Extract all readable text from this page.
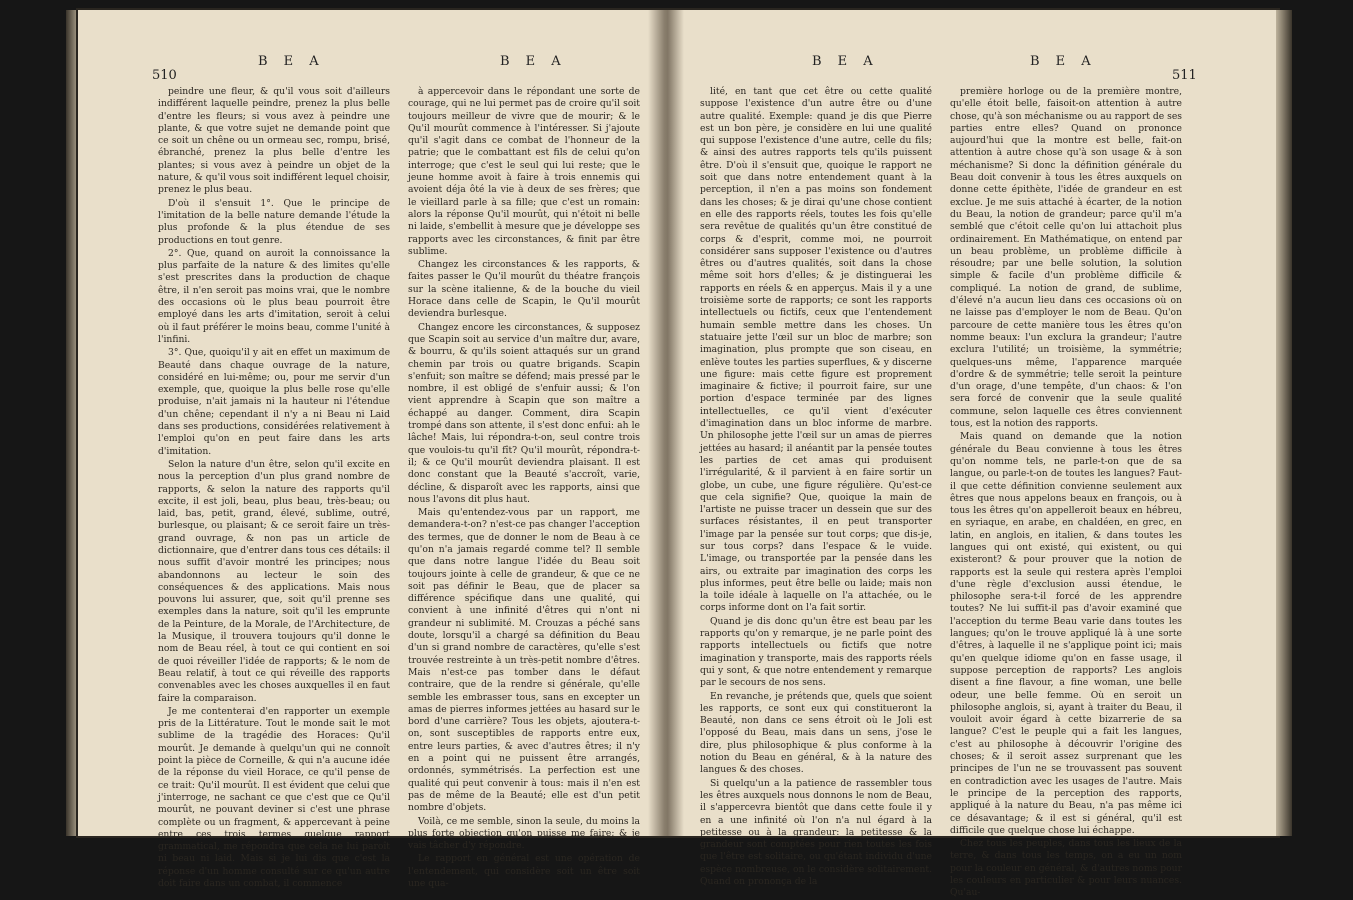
510
B E A	B E A

peindre une fleur, & qu'il vous soit d'ailleurs indifférent laquelle peindre, prenez la plus belle d'entre les fleurs; si vous avez à peindre une plante, & que votre sujet ne demande point que ce soit un chêne ou un ormeau sec, rompu, brisé, ébranché, prenez la plus belle d'entre les plantes; si vous avez à peindre un objet de la nature, & qu'il vous soit indifférent lequel choisir, prenez le plus beau.

D'où il s'ensuit 1°. Que le principe de l'imitation de la belle nature demande l'étude la plus profonde & la plus étendue de ses productions en tout genre.

2°. Que, quand on auroit la connoissance la plus parfaite de la nature & des limites qu'elle s'est prescrites dans la production de chaque être, il n'en seroit pas moins vrai, que le nombre des occasions où le plus beau pourroit être employé dans les arts d'imitation, seroit à celui où il faut préférer le moins beau, comme l'unité à l'infini.

3°. Que, quoiqu'il y ait en effet un maximum de Beauté dans chaque ouvrage de la nature, considéré en lui-même; ou, pour me servir d'un exemple, que, quoique la plus belle rose qu'elle produise, n'ait jamais ni la hauteur ni l'étendue d'un chêne; cependant il n'y a ni Beau ni Laid dans ses productions, considérées relativement à l'emploi qu'on en peut faire dans les arts d'imitation.

Selon la nature d'un être, selon qu'il excite en nous la perception d'un plus grand nombre de rapports, & selon la nature des rapports qu'il excite, il est joli, beau, plus beau, très-beau; ou laid, bas, petit, grand, élevé, sublime, outré, burlesque, ou plaisant; & ce seroit faire un très-grand ouvrage, & non pas un article de dictionnaire, que d'entrer dans tous ces détails: il nous suffit d'avoir montré les principes; nous abandonnons au lecteur le soin des conséquences & des applications. Mais nous pouvons lui assurer, que, soit qu'il prenne ses exemples dans la nature, soit qu'il les emprunte de la Peinture, de la Morale, de l'Architecture, de la Musique, il trouvera toujours qu'il donne le nom de Beau réel, à tout ce qui contient en soi de quoi réveiller l'idée de rapports; & le nom de Beau relatif, à tout ce qui réveille des rapports convenables avec les choses auxquelles il en faut faire la comparaison.

Je me contenterai d'en rapporter un exemple pris de la Littérature. Tout le monde sait le mot sublime de la tragédie des Horaces: Qu'il mourût. Je demande à quelqu'un qui ne connoît point la pièce de Corneille, & qui n'a aucune idée de la réponse du vieil Horace, ce qu'il pense de ce trait: Qu'il mourût. Il est évident que celui que j'interroge, ne sachant ce que c'est que ce Qu'il mourût, ne pouvant deviner si c'est une phrase complète ou un fragment, & appercevant à peine entre ces trois termes quelque rapport grammatical, me répondra que cela ne lui paroît ni beau ni laid. Mais si je lui dis que c'est la réponse d'un homme consulté sur ce qu'un autre doit faire dans un combat, il commence

à appercevoir dans le répondant une sorte de courage, qui ne lui permet pas de croire qu'il soit toujours meilleur de vivre que de mourir; & le Qu'il mourût commence à l'intéresser. Si j'ajoute qu'il s'agit dans ce combat de l'honneur de la patrie; que le combattant est fils de celui qu'on interroge; que c'est le seul qui lui reste; que le jeune homme avoit à faire à trois ennemis qui avoient déja ôté la vie à deux de ses frères; que le vieillard parle à sa fille; que c'est un romain: alors la réponse Qu'il mourût, qui n'étoit ni belle ni laide, s'embellit à mesure que je développe ses rapports avec les circonstances, & finit par être sublime.

Changez les circonstances & les rapports, & faites passer le Qu'il mourût du théatre françois sur la scène italienne, & de la bouche du vieil Horace dans celle de Scapin, le Qu'il mourût deviendra burlesque.

Changez encore les circonstances, & supposez que Scapin soit au service d'un maître dur, avare, & bourru, & qu'ils soient attaqués sur un grand chemin par trois ou quatre brigands. Scapin s'enfuit; son maître se défend; mais pressé par le nombre, il est obligé de s'enfuir aussi; & l'on vient apprendre à Scapin que son maître a échappé au danger. Comment, dira Scapin trompé dans son attente, il s'est donc enfui: ah le lâche! Mais, lui répondra-t-on, seul contre trois que voulois-tu qu'il fît? Qu'il mourût, répondra-t-il; & ce Qu'il mourût deviendra plaisant. Il est donc constant que la Beauté s'accroît, varie, décline, & disparoît avec les rapports, ainsi que nous l'avons dit plus haut.

Mais qu'entendez-vous par un rapport, me demandera-t-on? n'est-ce pas changer l'acception des termes, que de donner le nom de Beau à ce qu'on n'a jamais regardé comme tel? Il semble que dans notre langue l'idée du Beau soit toujours jointe à celle de grandeur, & que ce ne soit pas définir le Beau, que de placer sa différence spécifique dans une qualité, qui convient à une infinité d'êtres qui n'ont ni grandeur ni sublimité. M. Crouzas a péché sans doute, lorsqu'il a chargé sa définition du Beau d'un si grand nombre de caractères, qu'elle s'est trouvée restreinte à un très-petit nombre d'êtres. Mais n'est-ce pas tomber dans le défaut contraire, que de la rendre si générale, qu'elle semble les embrasser tous, sans en excepter un amas de pierres informes jettées au hasard sur le bord d'une carrière? Tous les objets, ajoutera-t-on, sont susceptibles de rapports entre eux, entre leurs parties, & avec d'autres êtres; il n'y en a point qui ne puissent être arrangés, ordonnés, symmétrisés. La perfection est une qualité qui peut convenir à tous: mais il n'en est pas de même de la Beauté; elle est d'un petit nombre d'objets.

Voilà, ce me semble, sinon la seule, du moins la plus forte objection qu'on puisse me faire; & je vais tâcher d'y répondre.

Le rapport en général est une opération de l'entendement, qui considère soit un être soit une qua-

B E A	B E A
511

lité, en tant que cet être ou cette qualité suppose l'existence d'un autre être ou d'une autre qualité. Exemple: quand je dis que Pierre est un bon père, je considère en lui une qualité qui suppose l'existence d'une autre, celle du fils; & ainsi des autres rapports tels qu'ils puissent être. D'où il s'ensuit que, quoique le rapport ne soit que dans notre entendement quant à la perception, il n'en a pas moins son fondement dans les choses; & je dirai qu'une chose contient en elle des rapports réels, toutes les fois qu'elle sera revêtue de qualités qu'un être constitué de corps & d'esprit, comme moi, ne pourroit considérer sans supposer l'existence ou d'autres êtres ou d'autres qualités, soit dans la chose même soit hors d'elles; & je distinguerai les rapports en réels & en apperçus. Mais il y a une troisième sorte de rapports; ce sont les rapports intellectuels ou fictifs, ceux que l'entendement humain semble mettre dans les choses. Un statuaire jette l'œil sur un bloc de marbre; son imagination, plus prompte que son ciseau, en enlève toutes les parties superflues, & y discerne une figure: mais cette figure est proprement imaginaire & fictive; il pourroit faire, sur une portion d'espace terminée par des lignes intellectuelles, ce qu'il vient d'exécuter d'imagination dans un bloc informe de marbre. Un philosophe jette l'œil sur un amas de pierres jettées au hasard; il anéantit par la pensée toutes les parties de cet amas qui produisent l'irrégularité, & il parvient à en faire sortir un globe, un cube, une figure régulière. Qu'est-ce que cela signifie? Que, quoique la main de l'artiste ne puisse tracer un dessein que sur des surfaces résistantes, il en peut transporter l'image par la pensée sur tout corps; que dis-je, sur tous corps? dans l'espace & le vuide. L'image, ou transportée par la pensée dans les airs, ou extraite par imagination des corps les plus informes, peut être belle ou laide; mais non la toile idéale à laquelle on l'a attachée, ou le corps informe dont on l'a fait sortir.

Quand je dis donc qu'un être est beau par les rapports qu'on y remarque, je ne parle point des rapports intellectuels ou fictifs que notre imagination y transporte, mais des rapports réels qui y sont, & que notre entendement y remarque par le secours de nos sens.

En revanche, je prétends que, quels que soient les rapports, ce sont eux qui constitueront la Beauté, non dans ce sens étroit où le Joli est l'opposé du Beau, mais dans un sens, j'ose le dire, plus philosophique & plus conforme à la notion du Beau en général, & à la nature des langues & des choses.

Si quelqu'un a la patience de rassembler tous les êtres auxquels nous donnons le nom de Beau, il s'appercevra bientôt que dans cette foule il y en a une infinité où l'on n'a nul égard à la petitesse ou à la grandeur: la petitesse & la grandeur sont comptées pour rien toutes les fois que l'être est solitaire, ou qu'étant individu d'une espèce nombreuse, on le considère solitairement. Quand on prononça de la

première horloge ou de la première montre, qu'elle étoit belle, faisoit-on attention à autre chose, qu'à son méchanisme ou au rapport de ses parties entre elles? Quand on prononce aujourd'hui que la montre est belle, fait-on attention à autre chose qu'à son usage & à son méchanisme? Si donc la définition générale du Beau doit convenir à tous les êtres auxquels on donne cette épithète, l'idée de grandeur en est exclue. Je me suis attaché à écarter, de la notion du Beau, la notion de grandeur; parce qu'il m'a semblé que c'étoit celle qu'on lui attachoit plus ordinairement. En Mathématique, on entend par un beau problème, un problème difficile à résoudre; par une belle solution, la solution simple & facile d'un problème difficile & compliqué. La notion de grand, de sublime, d'élevé n'a aucun lieu dans ces occasions où on ne laisse pas d'employer le nom de Beau. Qu'on parcoure de cette manière tous les êtres qu'on nomme beaux: l'un exclura la grandeur; l'autre exclura l'utilité; un troisième, la symmétrie; quelques-uns même, l'apparence marquée d'ordre & de symmétrie; telle seroit la peinture d'un orage, d'une tempête, d'un chaos: & l'on sera forcé de convenir que la seule qualité commune, selon laquelle ces êtres conviennent tous, est la notion des rapports.

Mais quand on demande que la notion générale du Beau convienne à tous les êtres qu'on nomme tels, ne parle-t-on que de sa langue, ou parle-t-on de toutes les langues? Faut-il que cette définition convienne seulement aux êtres que nous appelons beaux en françois, ou à tous les êtres qu'on appelleroit beaux en hébreu, en syriaque, en arabe, en chaldéen, en grec, en latin, en anglois, en italien, & dans toutes les langues qui ont existé, qui existent, ou qui existeront? & pour prouver que la notion de rapports est la seule qui restera après l'emploi d'une règle d'exclusion aussi étendue, le philosophe sera-t-il forcé de les apprendre toutes? Ne lui suffit-il pas d'avoir examiné que l'acception du terme Beau varie dans toutes les langues; qu'on le trouve appliqué là à une sorte d'êtres, à laquelle il ne s'applique point ici; mais qu'en quelque idiome qu'on en fasse usage, il suppose perception de rapports? Les anglois disent a fine flavour, a fine woman, une belle odeur, une belle femme. Où en seroit un philosophe anglois, si, ayant à traiter du Beau, il vouloit avoir égard à cette bizarrerie de sa langue? C'est le peuple qui a fait les langues, c'est au philosophe à découvrir l'origine des choses; & il seroit assez surprenant que les principes de l'un ne se trouvassent pas souvent en contradiction avec les usages de l'autre. Mais le principe de la perception des rapports, appliqué à la nature du Beau, n'a pas même ici ce désavantage; & il est si général, qu'il est difficile que quelque chose lui échappe.

Chez tous les peuples, dans tous les lieux de la terre, & dans tous les temps, on a eu un nom pour la couleur en général, & d'autres noms pour les couleurs en particulier & pour leurs nuances. Qu'au-
